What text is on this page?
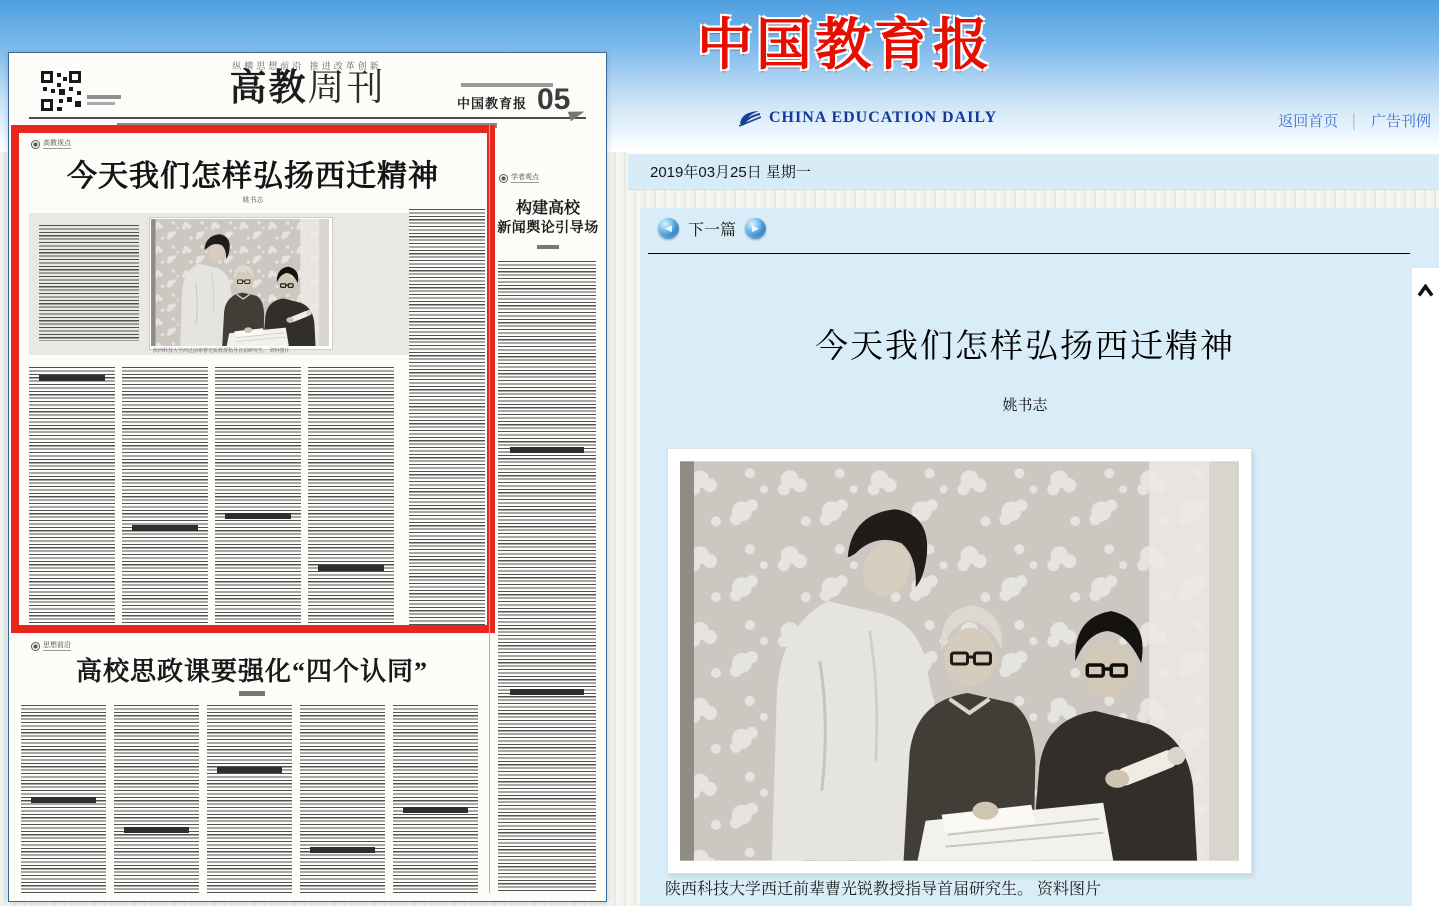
中国教育报
CHINA EDUCATION DAILY	返回首页 │ 广告刊例
2019年03月25日 星期一
◀ 下一篇 ▶
今天我们怎样弘扬西迁精神
姚书志
陕西科技大学西迁前辈曹光锐教授指导首届研究生。 资料图片
纵横思想前沿 推进改革创新
高教周刊	中国教育报 05
高教视点
今天我们怎样弘扬西迁精神
姚书志
陕西科技大学西迁前辈曹光锐教授指导首届研究生。 资料图片
思想前沿
高校思政课要强化“四个认同”
学者观点
构建高校
新闻舆论引导场
